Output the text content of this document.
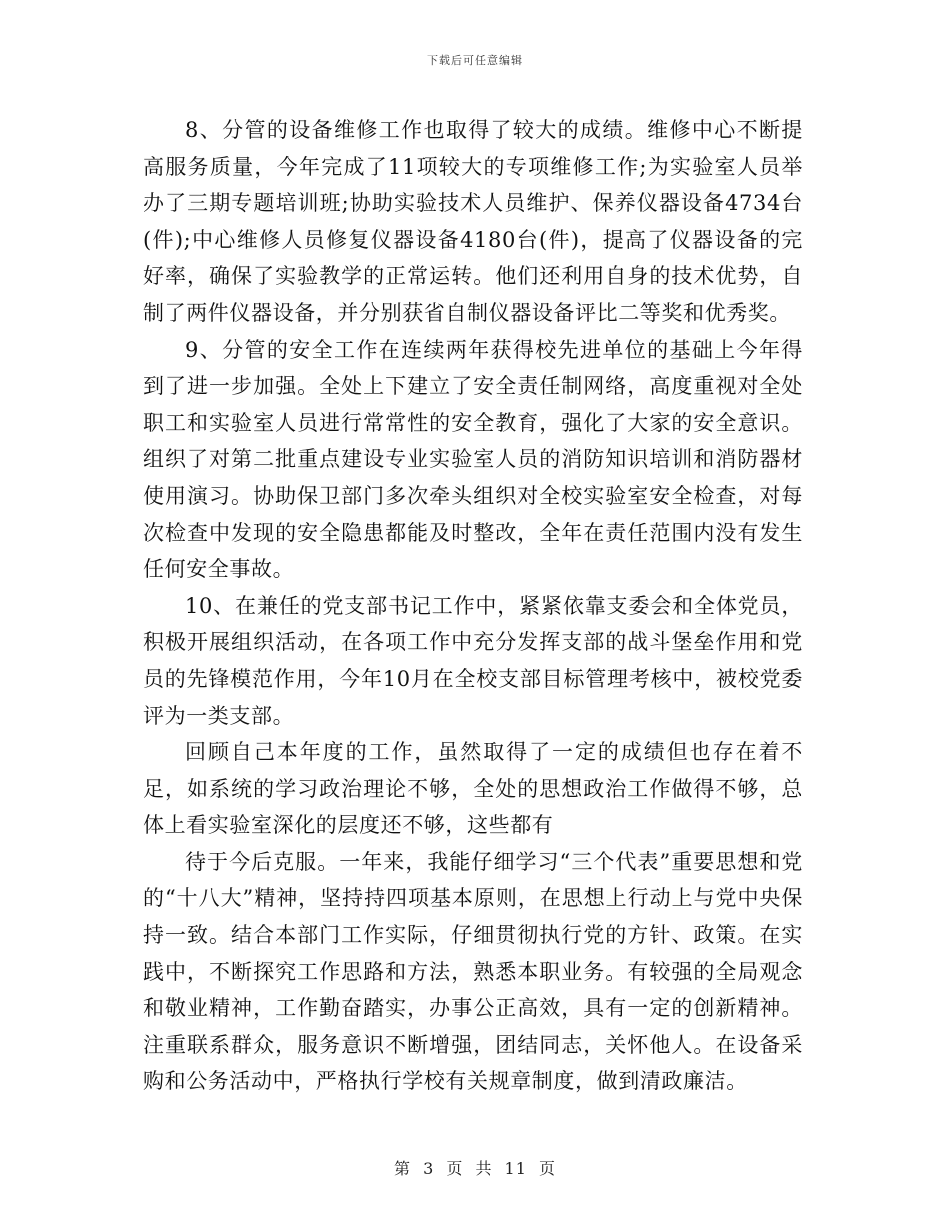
下载后可任意编辑

8、分管的设备维修工作也取得了较大的成绩。维修中心不断提高服务质量，今年完成了11项较大的专项维修工作;为实验室人员举办了三期专题培训班;协助实验技术人员维护、保养仪器设备4734台(件);中心维修人员修复仪器设备4180台(件)，提高了仪器设备的完好率，确保了实验教学的正常运转。他们还利用自身的技术优势，自制了两件仪器设备，并分别获省自制仪器设备评比二等奖和优秀奖。

9、分管的安全工作在连续两年获得校先进单位的基础上今年得到了进一步加强。全处上下建立了安全责任制网络，高度重视对全处职工和实验室人员进行常常性的安全教育，强化了大家的安全意识。组织了对第二批重点建设专业实验室人员的消防知识培训和消防器材使用演习。协助保卫部门多次牵头组织对全校实验室安全检查，对每次检查中发现的安全隐患都能及时整改，全年在责任范围内没有发生任何安全事故。

10、在兼任的党支部书记工作中，紧紧依靠支委会和全体党员，积极开展组织活动，在各项工作中充分发挥支部的战斗堡垒作用和党员的先锋模范作用，今年10月在全校支部目标管理考核中，被校党委评为一类支部。

回顾自己本年度的工作，虽然取得了一定的成绩但也存在着不足，如系统的学习政治理论不够，全处的思想政治工作做得不够，总体上看实验室深化的层度还不够，这些都有

待于今后克服。一年来，我能仔细学习“三个代表”重要思想和党的“十八大”精神，坚持持四项基本原则，在思想上行动上与党中央保持一致。结合本部门工作实际，仔细贯彻执行党的方针、政策。在实践中，不断探究工作思路和方法，熟悉本职业务。有较强的全局观念和敬业精神，工作勤奋踏实，办事公正高效，具有一定的创新精神。注重联系群众，服务意识不断增强，团结同志，关怀他人。在设备采购和公务活动中，严格执行学校有关规章制度，做到清政廉洁。

第 3 页 共 11 页
